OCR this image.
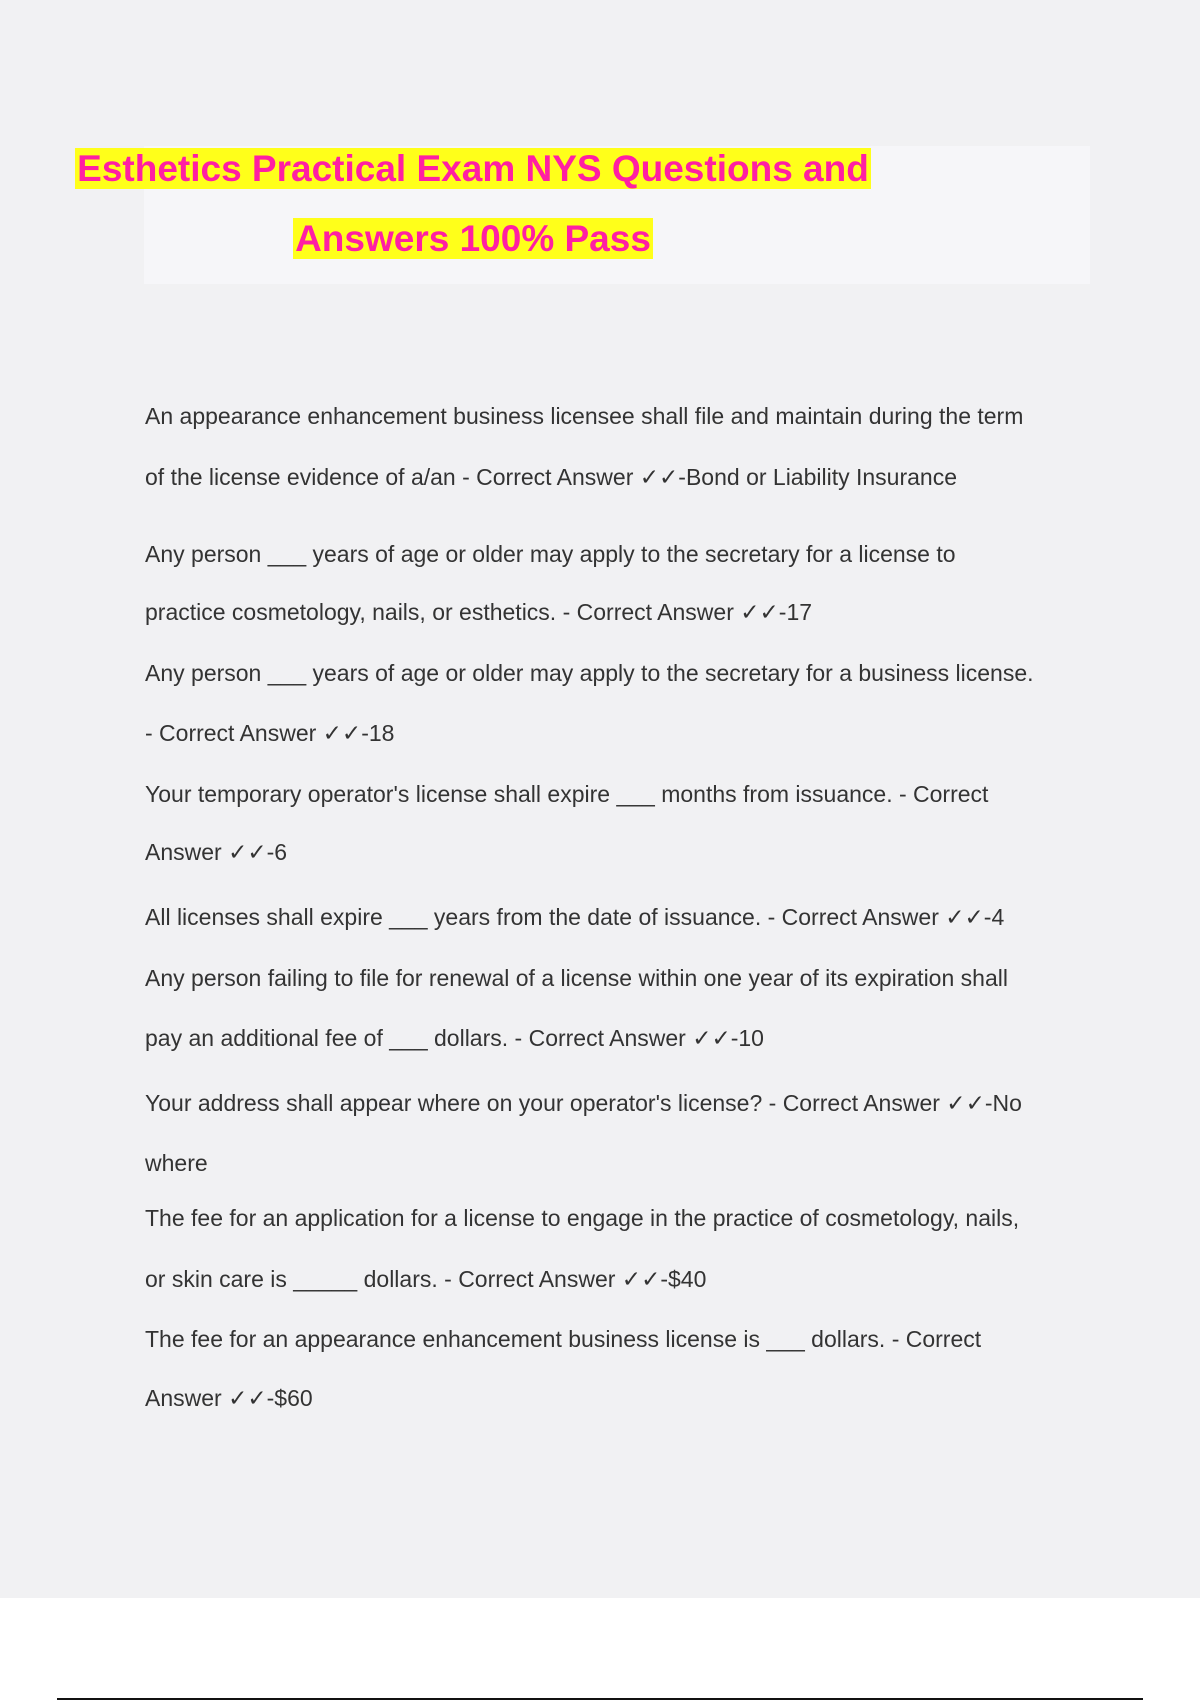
Esthetics Practical Exam NYS Questions and
Answers 100% Pass
An appearance enhancement business licensee shall file and maintain during the term
of the license evidence of a/an - Correct Answer ✓✓-Bond or Liability Insurance
Any person ___ years of age or older may apply to the secretary for a license to
practice cosmetology, nails, or esthetics. - Correct Answer ✓✓-17
Any person ___ years of age or older may apply to the secretary for a business license.
- Correct Answer ✓✓-18
Your temporary operator's license shall expire ___ months from issuance. - Correct
Answer ✓✓-6
All licenses shall expire ___ years from the date of issuance. - Correct Answer ✓✓-4
Any person failing to file for renewal of a license within one year of its expiration shall
pay an additional fee of ___ dollars. - Correct Answer ✓✓-10
Your address shall appear where on your operator's license? - Correct Answer ✓✓-No
where
The fee for an application for a license to engage in the practice of cosmetology, nails,
or skin care is _____ dollars. - Correct Answer ✓✓-$40
The fee for an appearance enhancement business license is ___ dollars. - Correct
Answer ✓✓-$60
